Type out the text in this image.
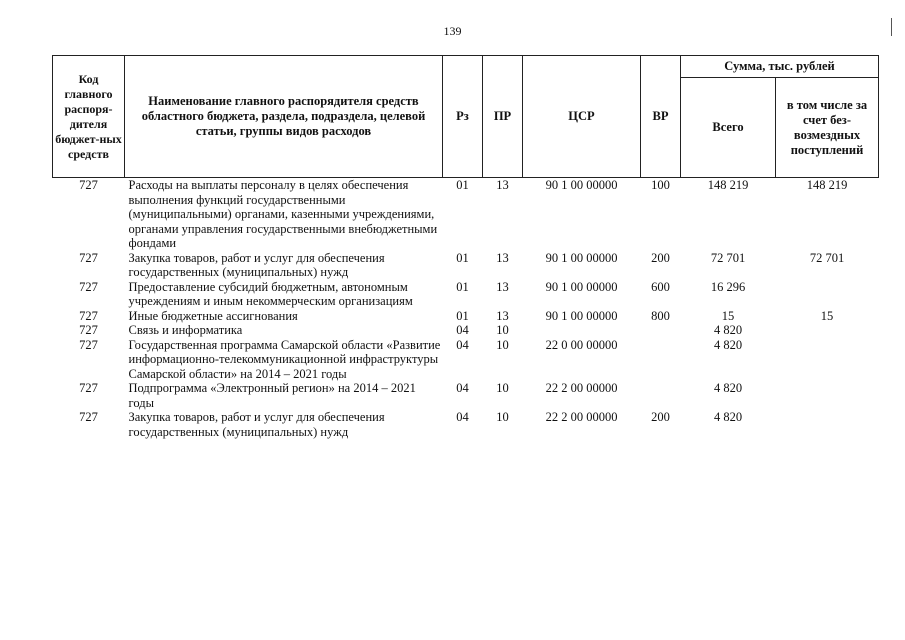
139
Код главного распоря-дителя бюджет-ных средств	Наименование главного распорядителя средств областного бюджета, раздела, подраздела, целевой статьи, группы видов расходов	Рз	ПР	ЦСР	ВР	Сумма, тыс. рублей	
						Всего	в том числе за счет без-возмездных поступлений
727	Расходы на выплаты персоналу в целях обеспечения выполнения функций государственными (муниципальными) органами, казенными учреждениями, органами управления государственными внебюджетными фондами	01	13	90 1 00 00000	100	148 219	148 219
727	Закупка товаров, работ и услуг для обеспечения государственных (муниципальных) нужд	01	13	90 1 00 00000	200	72 701	72 701
727	Предоставление субсидий бюджетным, автономным учреждениям и иным некоммерческим организациям	01	13	90 1 00 00000	600	16 296	
727	Иные бюджетные ассигнования	01	13	90 1 00 00000	800	15	15
727	Связь и информатика	04	10			4 820	
727	Государственная программа Самарской области «Развитие информационно-телекоммуникационной инфраструктуры Самарской области» на 2014 – 2021 годы	04	10	22 0 00 00000		4 820	
727	Подпрограмма «Электронный регион» на 2014 – 2021 годы	04	10	22 2 00 00000		4 820	
727	Закупка товаров, работ и услуг для обеспечения государственных (муниципальных) нужд	04	10	22 2 00 00000	200	4 820	
